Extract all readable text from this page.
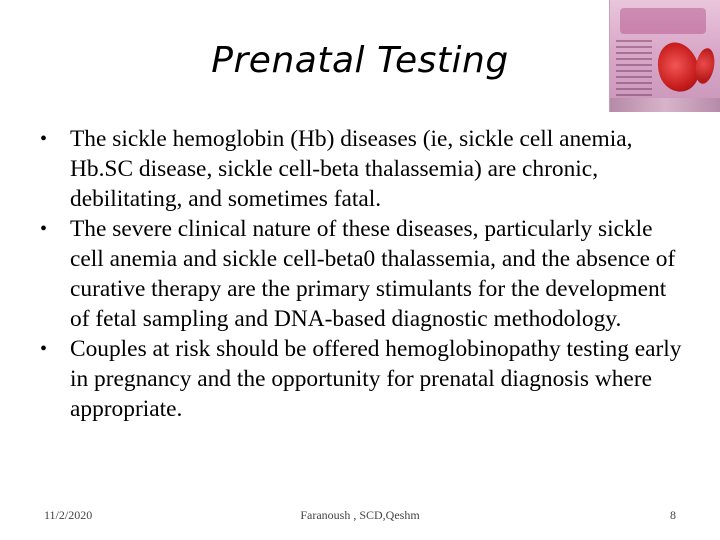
Prenatal Testing
• The sickle hemoglobin (Hb) diseases (ie, sickle cell anemia, Hb.SC disease, sickle cell-beta thalassemia) are chronic, debilitating, and sometimes fatal.
• The severe clinical nature of these diseases, particularly sickle cell anemia and sickle cell-beta0 thalassemia, and the absence of curative therapy are the primary stimulants for the development of fetal sampling and DNA-based diagnostic methodology.
• Couples at risk should be offered hemoglobinopathy testing early in pregnancy and the opportunity for prenatal diagnosis where appropriate.
11/2/2020	Faranoush , SCD,Qeshm	8
